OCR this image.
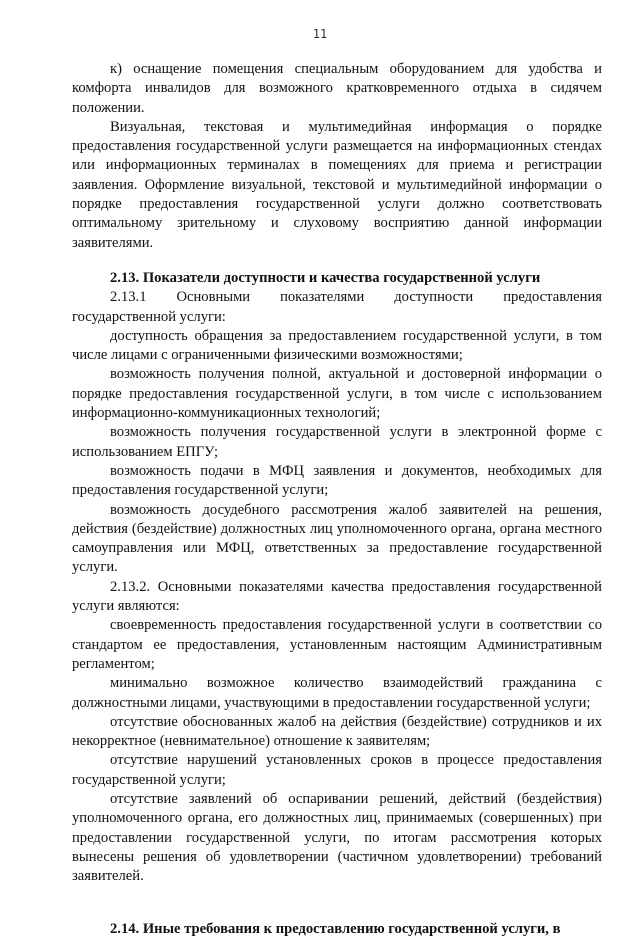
11

к) оснащение помещения специальным оборудованием для удобства и комфорта инвалидов для возможного кратковременного отдыха в сидячем положении.

Визуальная, текстовая и мультимедийная информация о порядке предоставления государственной услуги размещается на информационных стендах или информационных терминалах в помещениях для приема и регистрации заявления. Оформление визуальной, текстовой и мультимедийной информации о порядке предоставления государственной услуги должно соответствовать оптимальному зрительному и слуховому восприятию данной информации заявителями.

2.13. Показатели доступности и качества государственной услуги

2.13.1 Основными показателями доступности предоставления государственной услуги:

доступность обращения за предоставлением государственной услуги, в том числе лицами с ограниченными физическими возможностями;

возможность получения полной, актуальной и достоверной информации о порядке предоставления государственной услуги, в том числе с использованием информационно-коммуникационных технологий;

возможность получения государственной услуги в электронной форме с использованием ЕПГУ;

возможность подачи в МФЦ заявления и документов, необходимых для предоставления государственной услуги;

возможность досудебного рассмотрения жалоб заявителей на решения, действия (бездействие) должностных лиц уполномоченного органа, органа местного самоуправления или МФЦ, ответственных за предоставление государственной услуги.

2.13.2. Основными показателями качества предоставления государственной услуги являются:

своевременность предоставления государственной услуги в соответствии со стандартом ее предоставления, установленным настоящим Административным регламентом;

минимально возможное количество взаимодействий гражданина с должностными лицами, участвующими в предоставлении государственной услуги;

отсутствие обоснованных жалоб на действия (бездействие) сотрудников и их некорректное (невнимательное) отношение к заявителям;

отсутствие нарушений установленных сроков в процессе предоставления государственной услуги;

отсутствие заявлений об оспаривании решений, действий (бездействия) уполномоченного органа, его должностных лиц, принимаемых (совершенных) при предоставлении государственной услуги, по итогам рассмотрения которых вынесены решения об удовлетворении (частичном удовлетворении) требований заявителей.

2.14. Иные требования к предоставлению государственной услуги, в
